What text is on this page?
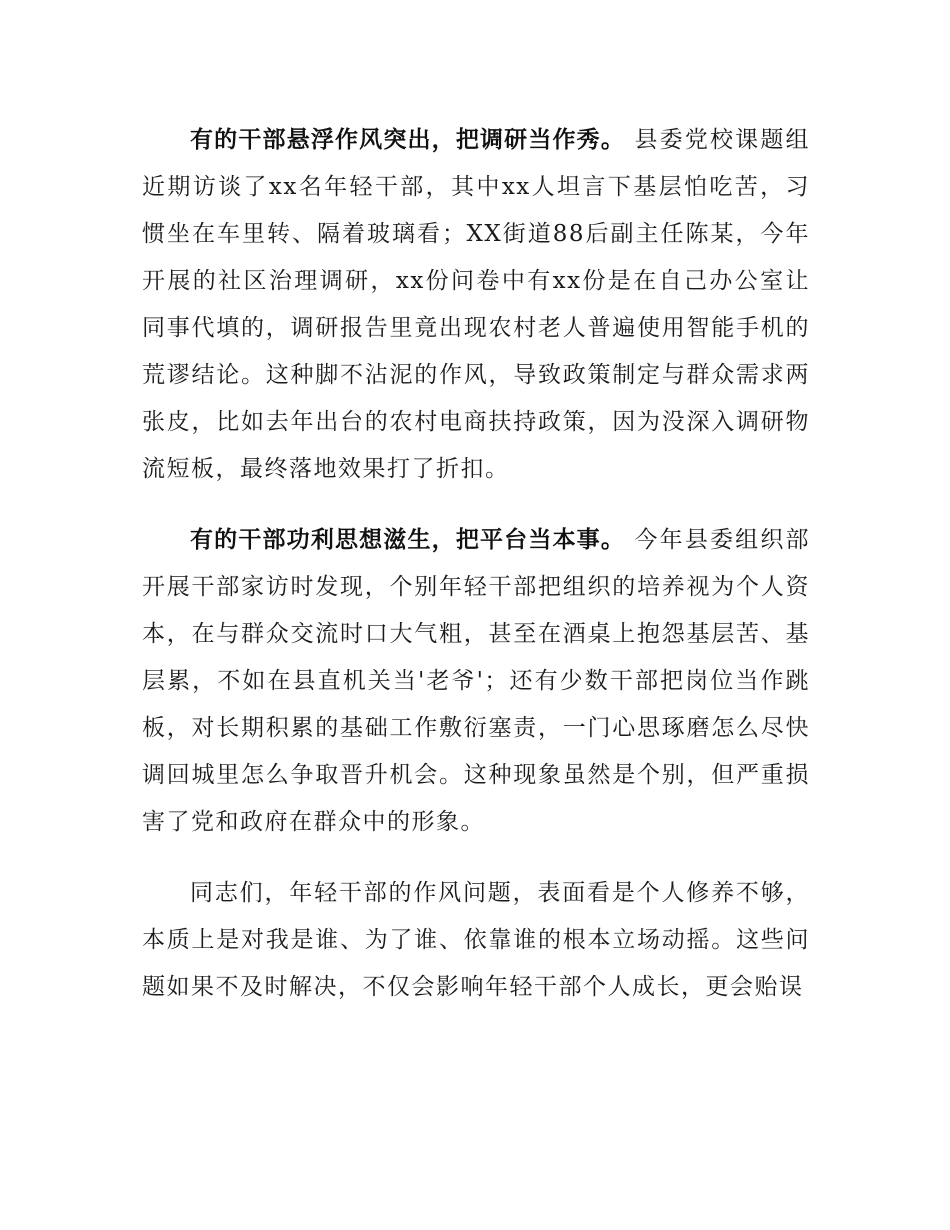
有的干部悬浮作风突出，把调研当作秀。 县委党校课题组近期访谈了xx名年轻干部，其中xx人坦言下基层怕吃苦，习惯坐在车里转、隔着玻璃看；XX街道88后副主任陈某，今年开展的社区治理调研，xx份问卷中有xx份是在自己办公室让同事代填的，调研报告里竟出现农村老人普遍使用智能手机的荒谬结论。这种脚不沾泥的作风，导致政策制定与群众需求两张皮，比如去年出台的农村电商扶持政策，因为没深入调研物流短板，最终落地效果打了折扣。

有的干部功利思想滋生，把平台当本事。 今年县委组织部开展干部家访时发现，个别年轻干部把组织的培养视为个人资本，在与群众交流时口大气粗，甚至在酒桌上抱怨基层苦、基层累，不如在县直机关当'老爷'；还有少数干部把岗位当作跳板，对长期积累的基础工作敷衍塞责，一门心思琢磨怎么尽快调回城里怎么争取晋升机会。这种现象虽然是个别，但严重损害了党和政府在群众中的形象。

同志们，年轻干部的作风问题，表面看是个人修养不够，本质上是对我是谁、为了谁、依靠谁的根本立场动摇。这些问题如果不及时解决，不仅会影响年轻干部个人成长，更会贻误
